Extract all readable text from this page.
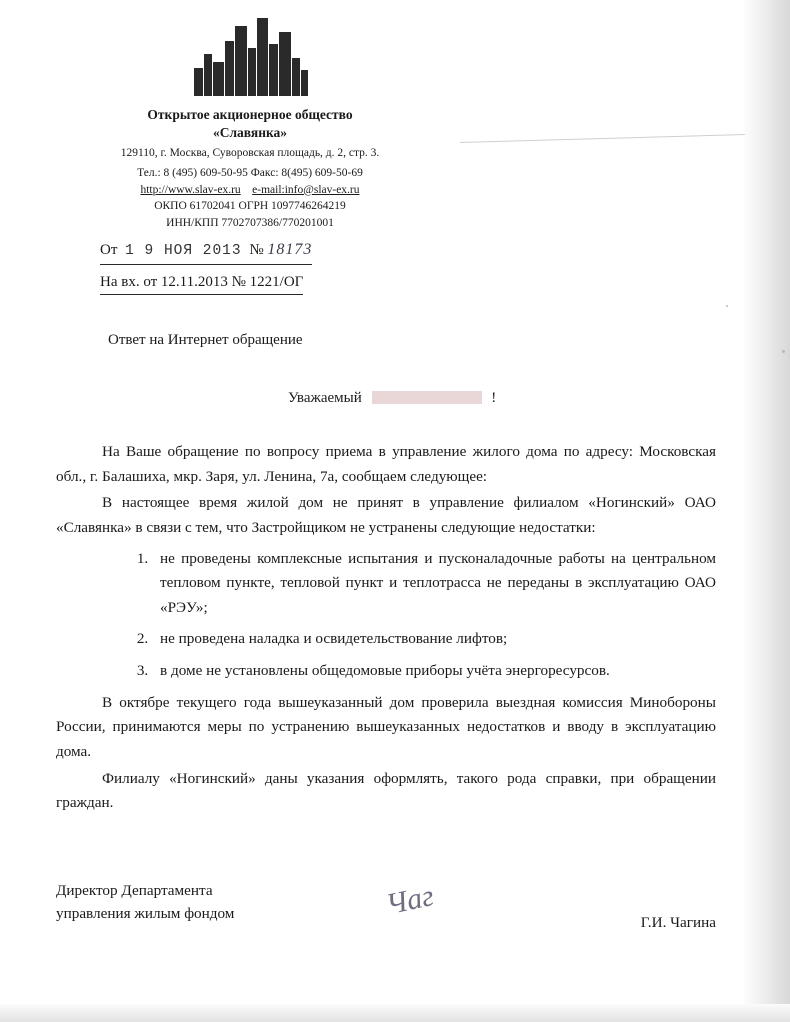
Открытое акционерное общество
«Славянка»
129110, г. Москва, Суворовская площадь, д. 2, стр. 3.
Тел.: 8 (495) 609-50-95 Факс: 8(495) 609-50-69
http://www.slav-ex.ru e-mail:info@slav-ex.ru
ОКПО 61702041 ОГРН 1097746264219
ИНН/КПП 7702707386/770201001
От 1 9 НОЯ 2013 № 18173
На вх. от 12.11.2013 № 1221/ОГ
Ответ на Интернет обращение
Уважаемый	!

На Ваше обращение по вопросу приема в управление жилого дома по адресу: Московская обл., г. Балашиха, мкр. Заря, ул. Ленина, 7а, сообщаем следующее:

В настоящее время жилой дом не принят в управление филиалом «Ногинский» ОАО «Славянка» в связи с тем, что Застройщиком не устранены следующие недостатки:

1. не проведены комплексные испытания и пусконаладочные работы на центральном тепловом пункте, тепловой пункт и теплотрасса не переданы в эксплуатацию ОАО «РЭУ»;
2. не проведена наладка и освидетельствование лифтов;
3. в доме не установлены общедомовые приборы учёта энергоресурсов.

В октябре текущего года вышеуказанный дом проверила выездная комиссия Минобороны России, принимаются меры по устранению вышеуказанных недостатков и вводу в эксплуатацию дома.

Филиалу «Ногинский» даны указания оформлять, такого рода справки, при обращении граждан.

Директор Департамента
управления жилым фондом	Чаг
Г.И. Чагина
